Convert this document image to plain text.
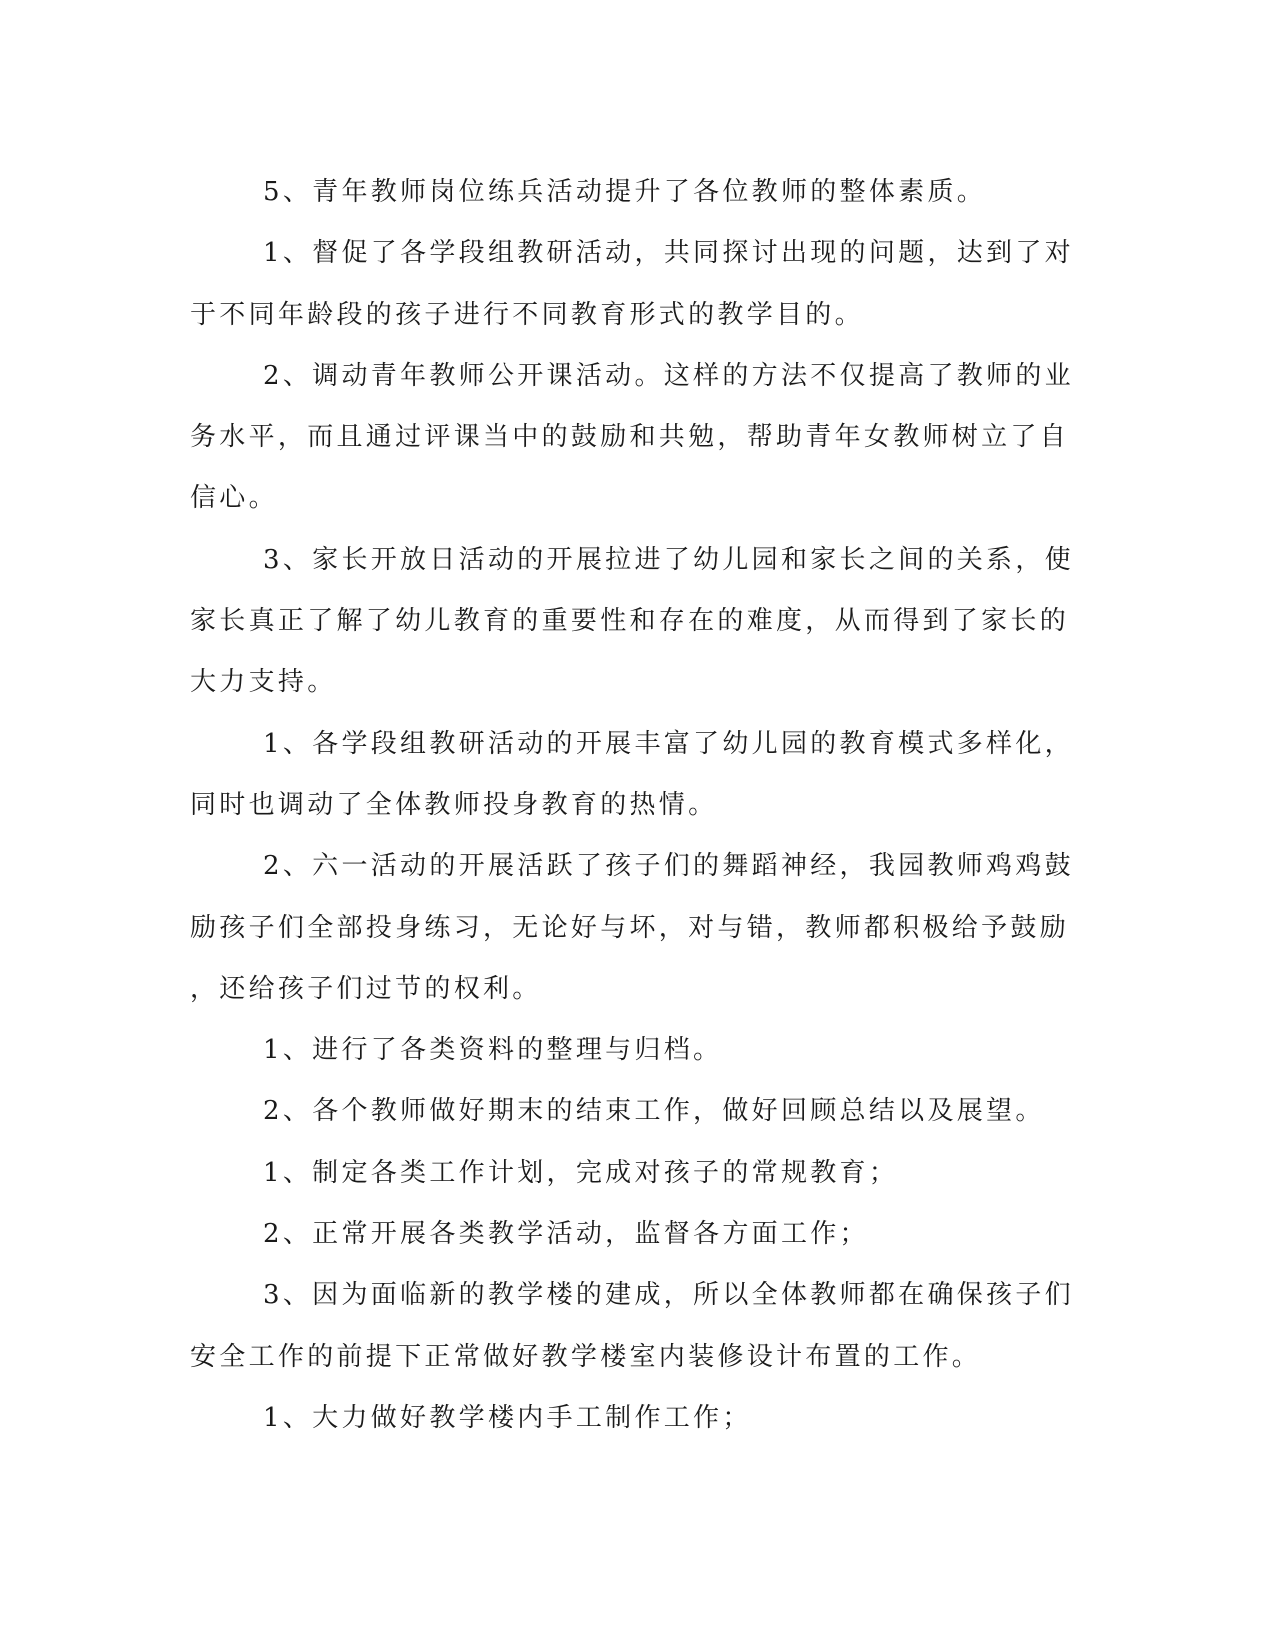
5、青年教师岗位练兵活动提升了各位教师的整体素质。
1、督促了各学段组教研活动，共同探讨出现的问题，达到了对
于不同年龄段的孩子进行不同教育形式的教学目的。
2、调动青年教师公开课活动。这样的方法不仅提高了教师的业
务水平，而且通过评课当中的鼓励和共勉，帮助青年女教师树立了自
信心。
3、家长开放日活动的开展拉进了幼儿园和家长之间的关系，使
家长真正了解了幼儿教育的重要性和存在的难度，从而得到了家长的
大力支持。
1、各学段组教研活动的开展丰富了幼儿园的教育模式多样化，
同时也调动了全体教师投身教育的热情。
2、六一活动的开展活跃了孩子们的舞蹈神经，我园教师鸡鸡鼓
励孩子们全部投身练习，无论好与坏，对与错，教师都积极给予鼓励
，还给孩子们过节的权利。
1、进行了各类资料的整理与归档。
2、各个教师做好期末的结束工作，做好回顾总结以及展望。
1、制定各类工作计划，完成对孩子的常规教育；
2、正常开展各类教学活动，监督各方面工作；
3、因为面临新的教学楼的建成，所以全体教师都在确保孩子们
安全工作的前提下正常做好教学楼室内装修设计布置的工作。
1、大力做好教学楼内手工制作工作；
